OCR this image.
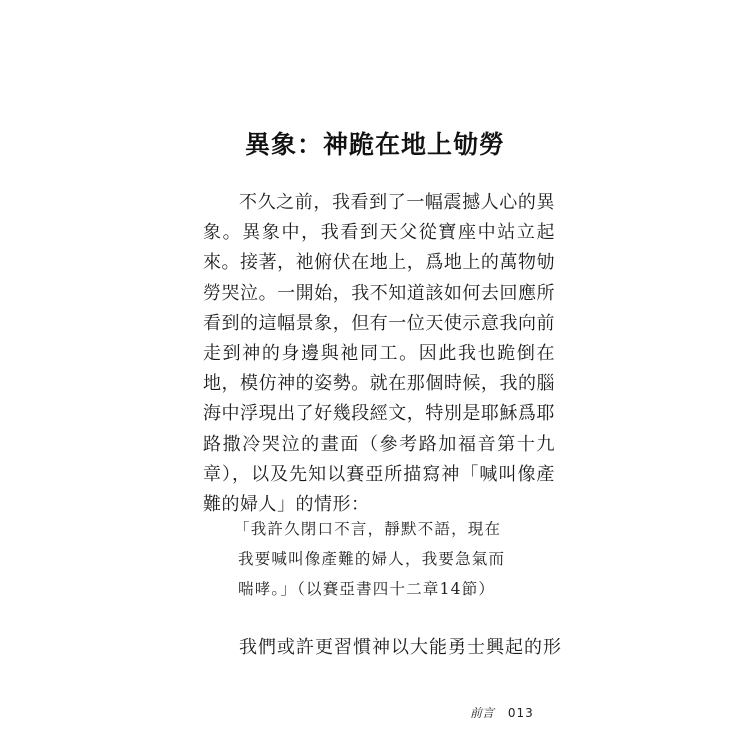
異象：神跪在地上劬勞

不久之前，我看到了一幅震撼人心的異象。異象中，我看到天父從寶座中站立起來。接著，祂俯伏在地上，爲地上的萬物劬勞哭泣。一開始，我不知道該如何去回應所看到的這幅景象，但有一位天使示意我向前走到神的身邊與祂同工。因此我也跪倒在地，模仿神的姿勢。就在那個時候，我的腦海中浮現出了好幾段經文，特別是耶穌爲耶路撒冷哭泣的畫面（參考路加福音第十九章），以及先知以賽亞所描寫神「喊叫像產難的婦人」的情形：

「我許久閉口不言，靜默不語，現在
我要喊叫像產難的婦人，我要急氣而
喘哮。」（以賽亞書四十二章14節）

我們或許更習慣神以大能勇士興起的形

前言 013
